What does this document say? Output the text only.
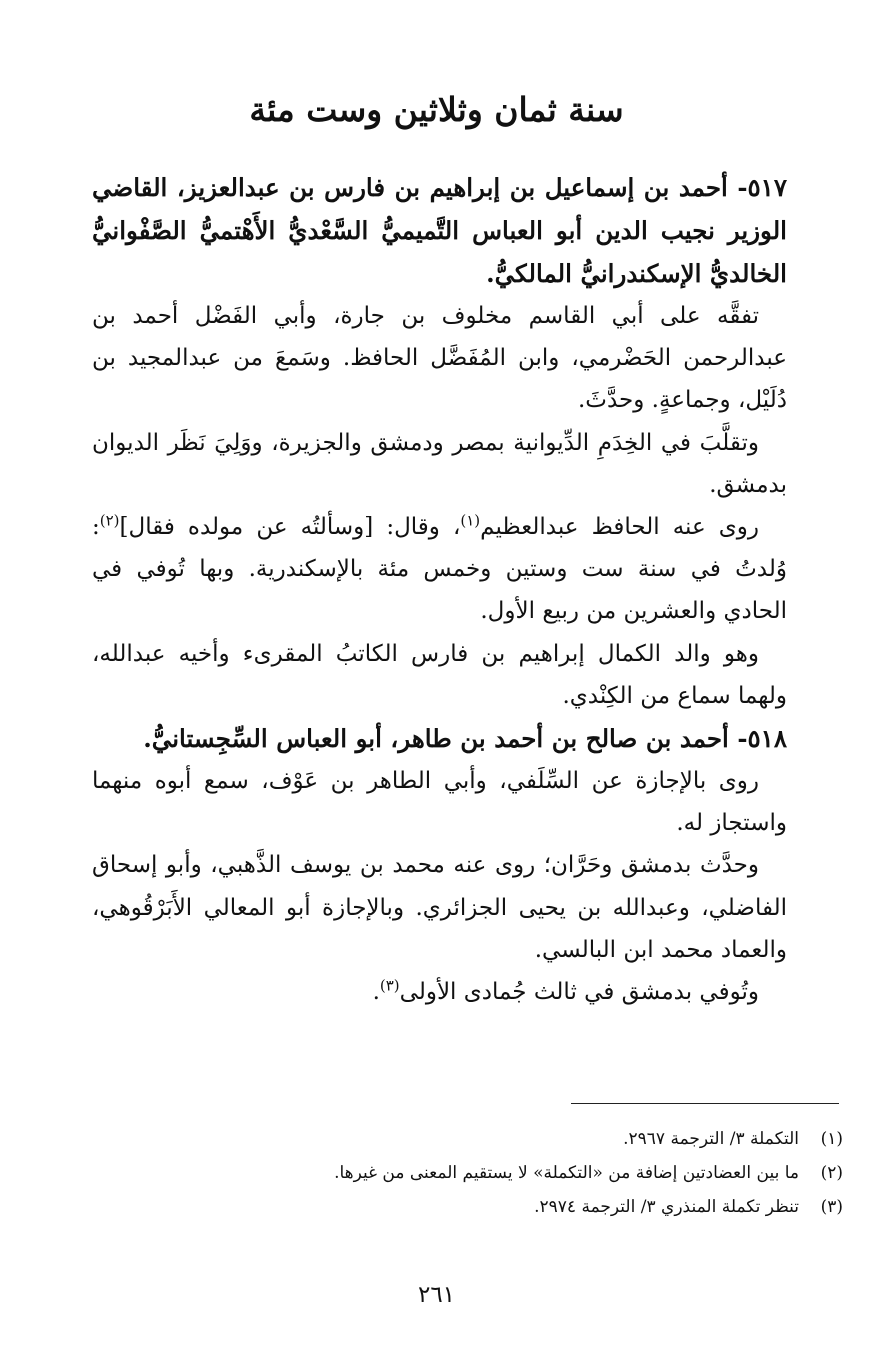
سنة ثمان وثلاثين وست مئة

٥١٧- أحمد بن إسماعيل بن إبراهيم بن فارس بن عبدالعزيز، القاضي الوزير نجيب الدين أبو العباس التَّميميُّ السَّعْديُّ الأَهْتميُّ الصَّفْوانيُّ الخالديُّ الإسكندرانيُّ المالكيُّ.

تفقَّه على أبي القاسم مخلوف بن جارة، وأبي الفَضْل أحمد بن عبدالرحمن الحَضْرمي، وابن المُفَضَّل الحافظ. وسَمعَ من عبدالمجيد بن دُلَيْل، وجماعةٍ. وحدَّثَ.

وتقلَّبَ في الخِدَمِ الدِّيوانية بمصر ودمشق والجزيرة، ووَلِيَ نَظَر الديوان بدمشق.

روى عنه الحافظ عبدالعظيم$^{(١)}$، وقال: [وسألتُه عن مولده فقال]$^{(٢)}$: وُلدتُ في سنة ست وستين وخمس مئة بالإسكندرية. وبها تُوفي في الحادي والعشرين من ربيع الأول.

وهو والد الكمال إبراهيم بن فارس الكاتبُ المقرىء وأخيه عبدالله، ولهما سماع من الكِنْدي.

٥١٨- أحمد بن صالح بن أحمد بن طاهر، أبو العباس السِّجِستانيُّ.

روى بالإجازة عن السِّلَفي، وأبي الطاهر بن عَوْف، سمع أبوه منهما واستجاز له.

وحدَّث بدمشق وحَرَّان؛ روى عنه محمد بن يوسف الذَّهبي، وأبو إسحاق الفاضلي، وعبدالله بن يحيى الجزائري. وبالإجازة أبو المعالي الأَبَرْقُوهي، والعماد محمد ابن البالسي.

وتُوفي بدمشق في ثالث جُمادى الأولى$^{(٣)}$.

(١)التكملة ٣/ الترجمة ٢٩٦٧.
(٢)ما بين العضادتين إضافة من «التكملة» لا يستقيم المعنى من غيرها.
(٣)تنظر تكملة المنذري ٣/ الترجمة ٢٩٧٤.
٢٦١
